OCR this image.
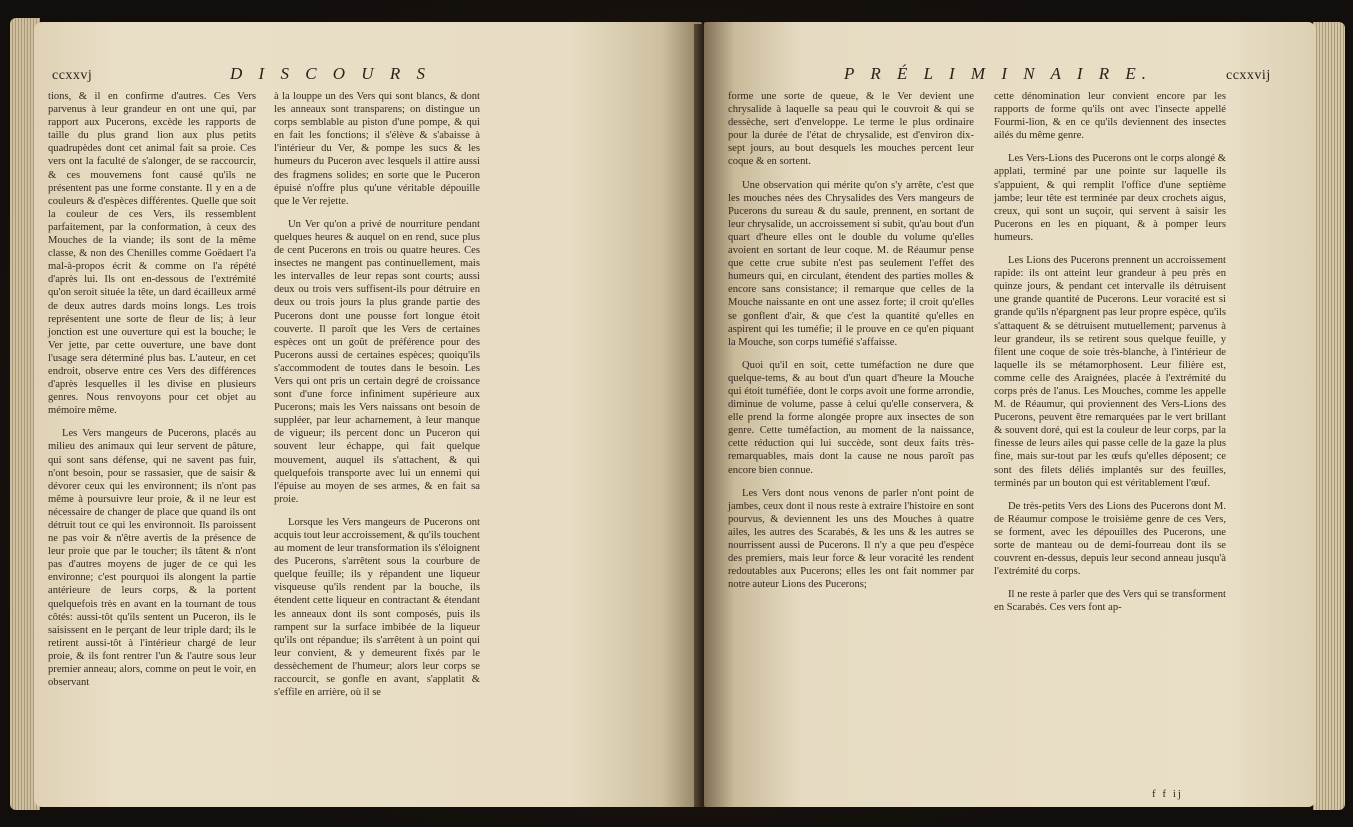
ccxxvj	D I S C O U R S

tions, & il en confirme d'autres. Ces Vers parvenus à leur grandeur en ont une qui, par rapport aux Pucerons, excède les rapports de taille du plus grand lion aux plus petits quadrupèdes dont cet animal fait sa proie. Ces vers ont la faculté de s'alonger, de se raccourcir, & ces mouvemens font causé qu'ils ne présentent pas une forme constante. Il y en a de couleurs & d'espèces différentes. Quelle que soit la couleur de ces Vers, ils ressemblent parfaitement, par la conformation, à ceux des Mouches de la viande; ils sont de la même classe, & non des Chenilles comme Goëdaert l'a mal-à-propos écrit & comme on l'a répété d'après lui. Ils ont en-dessous de l'extrémité qu'on seroit située la tête, un dard écailleux armé de deux autres dards moins longs. Les trois représentent une sorte de fleur de lis; à leur jonction est une ouverture qui est la bouche; le Ver jette, par cette ouverture, une bave dont l'usage sera déterminé plus bas. L'auteur, en cet endroit, observe entre ces Vers des différences d'après lesquelles il les divise en plusieurs genres. Nous renvoyons pour cet objet au mémoire même.

Les Vers mangeurs de Pucerons, placés au milieu des animaux qui leur servent de pâture, qui sont sans défense, qui ne savent pas fuir, n'ont besoin, pour se rassasier, que de saisir & dévorer ceux qui les environnent; ils n'ont pas même à poursuivre leur proie, & il ne leur est nécessaire de changer de place que quand ils ont détruit tout ce qui les environnoit. Ils paroissent ne pas voir & n'être avertis de la présence de leur proie que par le toucher; ils tâtent & n'ont pas d'autres moyens de juger de ce qui les environne; c'est pourquoi ils alongent la partie antérieure de leurs corps, & la portent quelquefois très en avant en la tournant de tous côtés: aussi-tôt qu'ils sentent un Puceron, ils le saisissent en le perçant de leur triple dard; ils le retirent aussi-tôt à l'intérieur chargé de leur proie, & ils font rentrer l'un & l'autre sous leur premier anneau; alors, comme on peut le voir, en observant

à la louppe un des Vers qui sont blancs, & dont les anneaux sont transparens; on distingue un corps semblable au piston d'une pompe, & qui en fait les fonctions; il s'élève & s'abaisse à l'intérieur du Ver, & pompe les sucs & les humeurs du Puceron avec lesquels il attire aussi des fragmens solides; en sorte que le Puceron épuisé n'offre plus qu'une véritable dépouille que le Ver rejette.

Un Ver qu'on a privé de nourriture pendant quelques heures & auquel on en rend, suce plus de cent Pucerons en trois ou quatre heures. Ces insectes ne mangent pas continuellement, mais les intervalles de leur repas sont courts; aussi deux ou trois vers suffisent-ils pour détruire en deux ou trois jours la plus grande partie des Pucerons dont une pousse fort longue étoit couverte. Il paroît que les Vers de certaines espèces ont un goût de préférence pour des Pucerons aussi de certaines espèces; quoiqu'ils s'accommodent de toutes dans le besoin. Les Vers qui ont pris un certain degré de croissance sont d'une force infiniment supérieure aux Pucerons; mais les Vers naissans ont besoin de suppléer, par leur acharnement, à leur manque de vigueur; ils percent donc un Puceron qui souvent leur échappe, qui fait quelque mouvement, auquel ils s'attachent, & qui quelquefois transporte avec lui un ennemi qui l'épuise au moyen de ses armes, & en fait sa proie.

Lorsque les Vers mangeurs de Pucerons ont acquis tout leur accroissement, & qu'ils touchent au moment de leur transformation ils s'éloignent des Pucerons, s'arrêtent sous la courbure de quelque feuille; ils y répandent une liqueur visqueuse qu'ils rendent par la bouche, ils étendent cette liqueur en contractant & étendant les anneaux dont ils sont composés, puis ils rampent sur la surface imbibée de la liqueur qu'ils ont répandue; ils s'arrêtent à un point qui leur convient, & y demeurent fixés par le dessèchement de l'humeur; alors leur corps se raccourcit, se gonfle en avant, s'applatit & s'effile en arrière, où il se

P R É L I M I N A I R E.	ccxxvij

forme une sorte de queue, & le Ver devient une chrysalide à laquelle sa peau qui le couvroit & qui se dessèche, sert d'enveloppe. Le terme le plus ordinaire pour la durée de l'état de chrysalide, est d'environ dix-sept jours, au bout desquels les mouches percent leur coque & en sortent.

Une observation qui mérite qu'on s'y arrête, c'est que les mouches nées des Chrysalides des Vers mangeurs de Pucerons du sureau & du saule, prennent, en sortant de leur chrysalide, un accroissement si subit, qu'au bout d'un quart d'heure elles ont le double du volume qu'elles avoient en sortant de leur coque. M. de Réaumur pense que cette crue subite n'est pas seulement l'effet des humeurs qui, en circulant, étendent des parties molles & encore sans consistance; il remarque que celles de la Mouche naissante en ont une assez forte; il croit qu'elles se gonflent d'air, & que c'est la quantité qu'elles en aspirent qui les tuméfie; il le prouve en ce qu'en piquant la Mouche, son corps tuméfié s'affaisse.

Quoi qu'il en soit, cette tuméfaction ne dure que quelque-tems, & au bout d'un quart d'heure la Mouche qui étoit tuméfiée, dont le corps avoit une forme arrondie, diminue de volume, passe à celui qu'elle conservera, & elle prend la forme alongée propre aux insectes de son genre. Cette tuméfaction, au moment de la naissance, cette réduction qui lui succède, sont deux faits très-remarquables, mais dont la cause ne nous paroît pas encore bien connue.

Les Vers dont nous venons de parler n'ont point de jambes, ceux dont il nous reste à extraire l'histoire en sont pourvus, & deviennent les uns des Mouches à quatre ailes, les autres des Scarabés, & les uns & les autres se nourrissent aussi de Pucerons. Il n'y a que peu d'espèce des premiers, mais leur force & leur voracité les rendent redoutables aux Pucerons; elles les ont fait nommer par notre auteur Lions des Pucerons;

cette dénomination leur convient encore par les rapports de forme qu'ils ont avec l'insecte appellé Fourmi-lion, & en ce qu'ils deviennent des insectes ailés du même genre.

Les Vers-Lions des Pucerons ont le corps alongé & applati, terminé par une pointe sur laquelle ils s'appuient, & qui remplit l'office d'une septième jambe; leur tête est terminée par deux crochets aigus, creux, qui sont un suçoir, qui servent à saisir les Pucerons en les en piquant, & à pomper leurs humeurs.

Les Lions des Pucerons prennent un accroissement rapide: ils ont atteint leur grandeur à peu près en quinze jours, & pendant cet intervalle ils détruisent une grande quantité de Pucerons. Leur voracité est si grande qu'ils n'épargnent pas leur propre espèce, qu'ils s'attaquent & se détruisent mutuellement; parvenus à leur grandeur, ils se retirent sous quelque feuille, y filent une coque de soie très-blanche, à l'intérieur de laquelle ils se métamorphosent. Leur filière est, comme celle des Araignées, placée à l'extrémité du corps près de l'anus. Les Mouches, comme les appelle M. de Réaumur, qui proviennent des Vers-Lions des Pucerons, peuvent être remarquées par le vert brillant & souvent doré, qui est la couleur de leur corps, par la finesse de leurs ailes qui passe celle de la gaze la plus fine, mais sur-tout par les œufs qu'elles déposent; ce sont des filets déliés implantés sur des feuilles, terminés par un bouton qui est véritablement l'œuf.

De très-petits Vers des Lions des Pucerons dont M. de Réaumur compose le troisième genre de ces Vers, se forment, avec les dépouilles des Pucerons, une sorte de manteau ou de demi-fourreau dont ils se couvrent en-dessus, depuis leur second anneau jusqu'à l'extrémité du corps.

Il ne reste à parler que des Vers qui se transforment en Scarabés. Ces vers font ap-

f f ij
